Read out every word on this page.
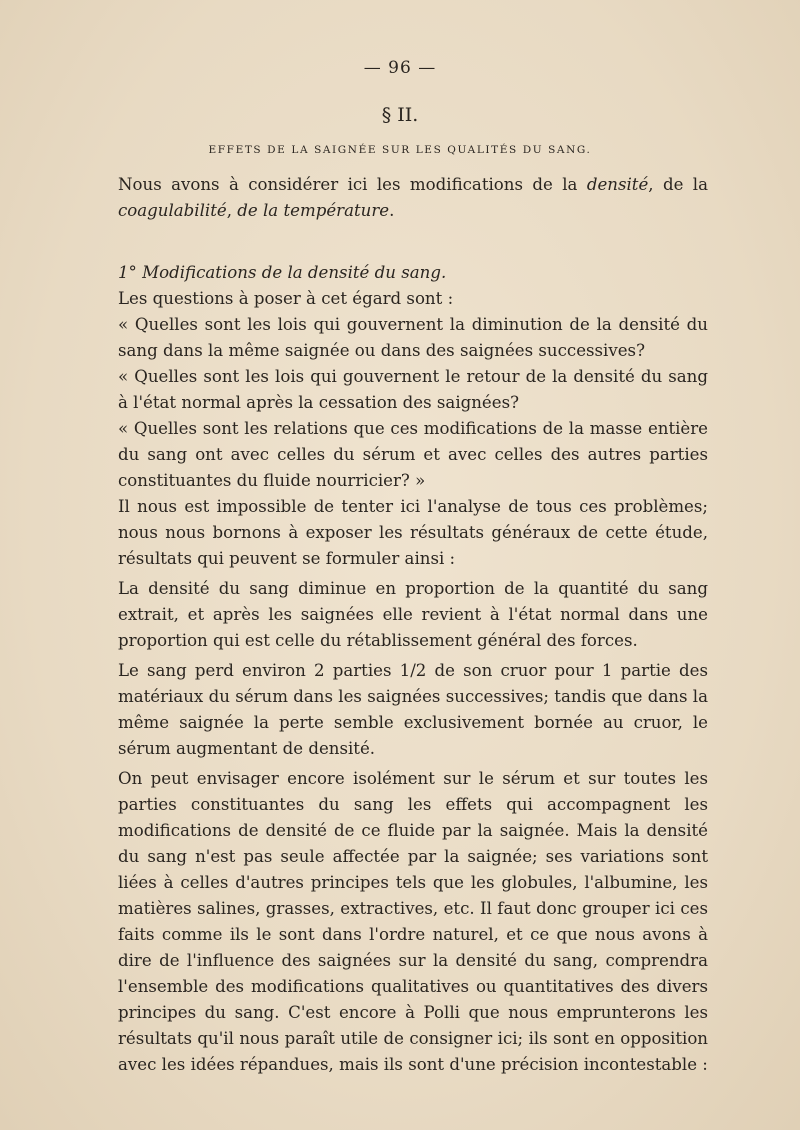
— 96 —
§ II.
EFFETS DE LA SAIGNÉE SUR LES QUALITÉS DU SANG.

Nous avons à considérer ici les modifications de la densité, de la coagulabilité, de la température.

1° Modifications de la densité du sang.

Les questions à poser à cet égard sont :

« Quelles sont les lois qui gouvernent la diminution de la densité du sang dans la même saignée ou dans des saignées successives?

« Quelles sont les lois qui gouvernent le retour de la densité du sang à l'état normal après la cessation des saignées?

« Quelles sont les relations que ces modifications de la masse entière du sang ont avec celles du sérum et avec celles des autres parties constituantes du fluide nourricier? »

Il nous est impossible de tenter ici l'analyse de tous ces problèmes; nous nous bornons à exposer les résultats généraux de cette étude, résultats qui peuvent se formuler ainsi :

La densité du sang diminue en proportion de la quantité du sang extrait, et après les saignées elle revient à l'état normal dans une proportion qui est celle du rétablissement général des forces.

Le sang perd environ 2 parties 1/2 de son cruor pour 1 partie des matériaux du sérum dans les saignées successives; tandis que dans la même saignée la perte semble exclusivement bornée au cruor, le sérum augmentant de densité.

On peut envisager encore isolément sur le sérum et sur toutes les parties constituantes du sang les effets qui accompagnent les modifications de densité de ce fluide par la saignée. Mais la densité du sang n'est pas seule affectée par la saignée; ses variations sont liées à celles d'autres principes tels que les globules, l'albumine, les matières salines, grasses, extractives, etc. Il faut donc grouper ici ces faits comme ils le sont dans l'ordre naturel, et ce que nous avons à dire de l'influence des saignées sur la densité du sang, comprendra l'ensemble des modifications qualitatives ou quantitatives des divers principes du sang. C'est encore à Polli que nous emprunterons les résultats qu'il nous paraît utile de consigner ici; ils sont en opposition avec les idées répandues, mais ils sont d'une précision incontestable :
